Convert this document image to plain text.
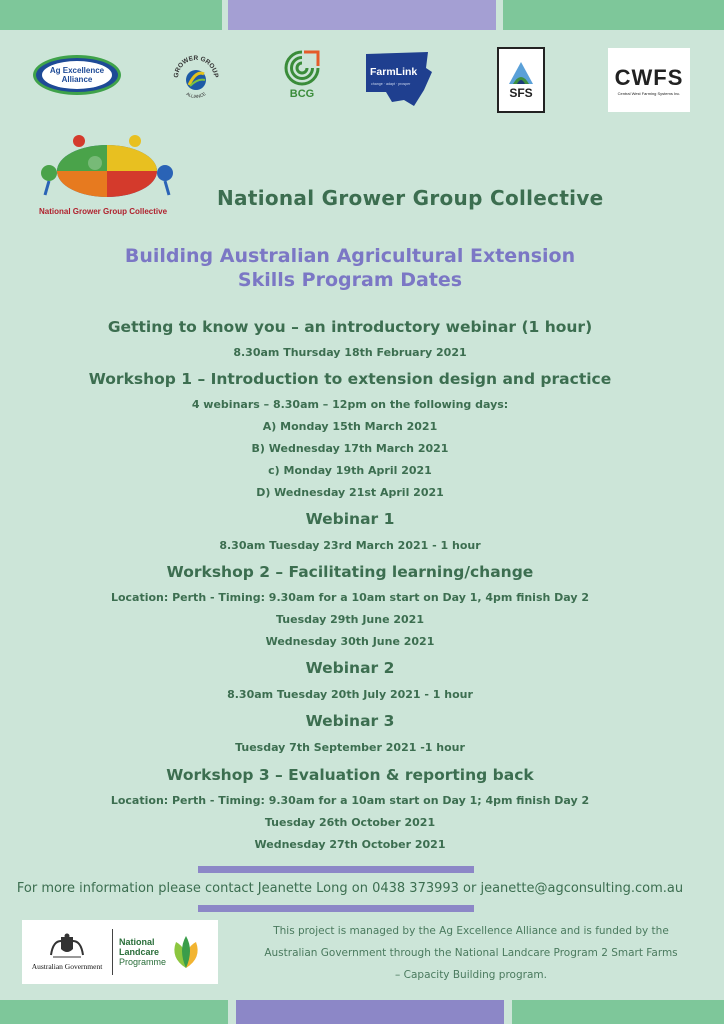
Ag Excellence
Alliance	GROWER GROUP
ALLIANCE	BCG
FarmLink
change · adapt · prosper
SFS
CWFS
Central West Farming Systems Inc.
National Grower Group Collective
National Grower Group Collective
Building Australian Agricultural Extension
Skills Program Dates
Getting to know you – an introductory webinar (1 hour)
8.30am Thursday 18th February 2021
Workshop 1 – Introduction to extension design and practice
4 webinars – 8.30am – 12pm on the following days:
A) Monday 15th March 2021
B) Wednesday 17th March 2021
c) Monday 19th April 2021
D) Wednesday 21st April 2021
Webinar 1
8.30am Tuesday 23rd March 2021 - 1 hour
Workshop 2 – Facilitating learning/change
Location: Perth - Timing: 9.30am for a 10am start on Day 1, 4pm finish Day 2
Tuesday 29th June 2021
Wednesday 30th June 2021
Webinar 2
8.30am Tuesday 20th July 2021 - 1 hour
Webinar 3
Tuesday 7th September 2021 -1 hour
Workshop 3 – Evaluation & reporting back
Location: Perth - Timing: 9.30am for a 10am start on Day 1; 4pm finish Day 2
Tuesday 26th October 2021
Wednesday 27th October 2021
For more information please contact Jeanette Long on 0438 373993 or jeanette@agconsulting.com.au
Australian Government
National
Landcare
Programme
This project is managed by the Ag Excellence Alliance and is funded by the
Australian Government through the National Landcare Program 2 Smart Farms
– Capacity Building program.
